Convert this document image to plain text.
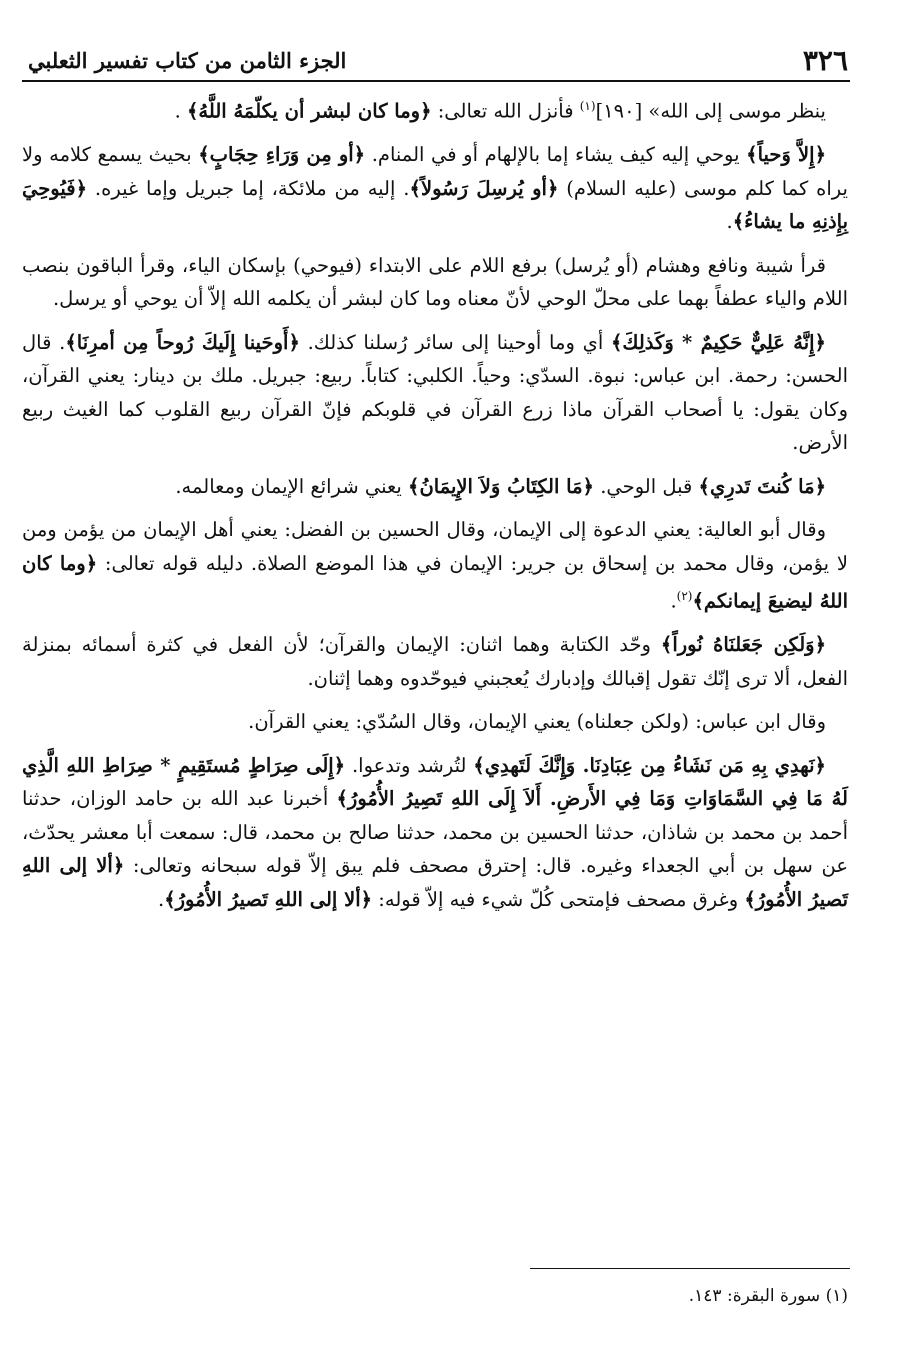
٣٢٦
الجزء الثامن من كتاب تفسير الثعلبي

ينظر موسى إلى الله» [١٩٠]$^{(١)}$ فأنزل الله تعالى: ﴿وما كان لبشر أن يكلّمَهُ اللَّهُ﴾ .

﴿إِلاَّ وَحياً﴾ يوحي إليه كيف يشاء إما بالإلهام أو في المنام. ﴿أو مِن وَرَاءِ حِجَابٍ﴾ بحيث يسمع كلامه ولا يراه كما كلم موسى (عليه السلام) ﴿أو يُرسِلَ رَسُولاً﴾. إليه من ملائكة، إما جبريل وإما غيره. ﴿فَيُوحِيَ بِإِذنِهِ ما يشاءُ﴾.

قرأ شيبة ونافع وهشام (أو يُرسل) برفع اللام على الابتداء (فيوحي) بإسكان الياء، وقرأ الباقون بنصب اللام والياء عطفاً بهما على محلّ الوحي لأنّ معناه وما كان لبشر أن يكلمه الله إلاّ أن يوحي أو يرسل.

﴿إِنَّهُ عَلِيٌّ حَكِيمٌ * وَكَذلِكَ﴾ أي وما أوحينا إلى سائر رُسلنا كذلك. ﴿أَوحَينا إِلَيكَ رُوحاً مِن أمرِنَا﴾. قال الحسن: رحمة. ابن عباس: نبوة. السدّي: وحياً. الكلبي: كتاباً. ربيع: جبريل. ملك بن دينار: يعني القرآن، وكان يقول: يا أصحاب القرآن ماذا زرع القرآن في قلوبكم فإنّ القرآن ربيع القلوب كما الغيث ربيع الأرض.

﴿مَا كُنتَ تَدرِي﴾ قبل الوحي. ﴿مَا الكِتَابُ وَلاَ الإِيمَانُ﴾ يعني شرائع الإيمان ومعالمه.

وقال أبو العالية: يعني الدعوة إلى الإيمان، وقال الحسين بن الفضل: يعني أهل الإيمان من يؤمن ومن لا يؤمن، وقال محمد بن إسحاق بن جرير: الإيمان في هذا الموضع الصلاة. دليله قوله تعالى: ﴿وما كان اللهُ ليضيعَ إيمانكم﴾$^{(٢)}$.

﴿وَلَكِن جَعَلنَاهُ نُوراً﴾ وحّد الكتابة وهما اثنان: الإيمان والقرآن؛ لأن الفعل في كثرة أسمائه بمنزلة الفعل، ألا ترى إنّك تقول إقبالك وإدبارك يُعجبني فيوحّدوه وهما إثنان.

وقال ابن عباس: (ولكن جعلناه) يعني الإيمان، وقال السُدّي: يعني القرآن.

﴿نَهدِي بِهِ مَن نَشَاءُ مِن عِبَادِنَا. وَإِنَّكَ لَتَهدِي﴾ لتُرشد وتدعوا. ﴿إِلَى صِرَاطٍ مُستَقِيمٍ * صِرَاطِ اللهِ الَّذِي لَهُ مَا فِي السَّمَاوَاتِ وَمَا فِي الأَرضِ. أَلاَ إِلَى اللهِ تَصِيرُ الأُمُورُ﴾ أخبرنا عبد الله بن حامد الوزان، حدثنا أحمد بن محمد بن شاذان، حدثنا الحسين بن محمد، حدثنا صالح بن محمد، قال: سمعت أبا معشر يحدّث، عن سهل بن أبي الجعداء وغيره. قال: إحترق مصحف فلم يبق إلاّ قوله سبحانه وتعالى: ﴿ألا إلى اللهِ تَصيرُ الأُمُورُ﴾ وغرق مصحف فإمتحى كُلّ شيء فيه إلاّ قوله: ﴿ألا إلى اللهِ تَصيرُ الأُمُورُ﴾.

(١) سورة البقرة: ١٤٣.
